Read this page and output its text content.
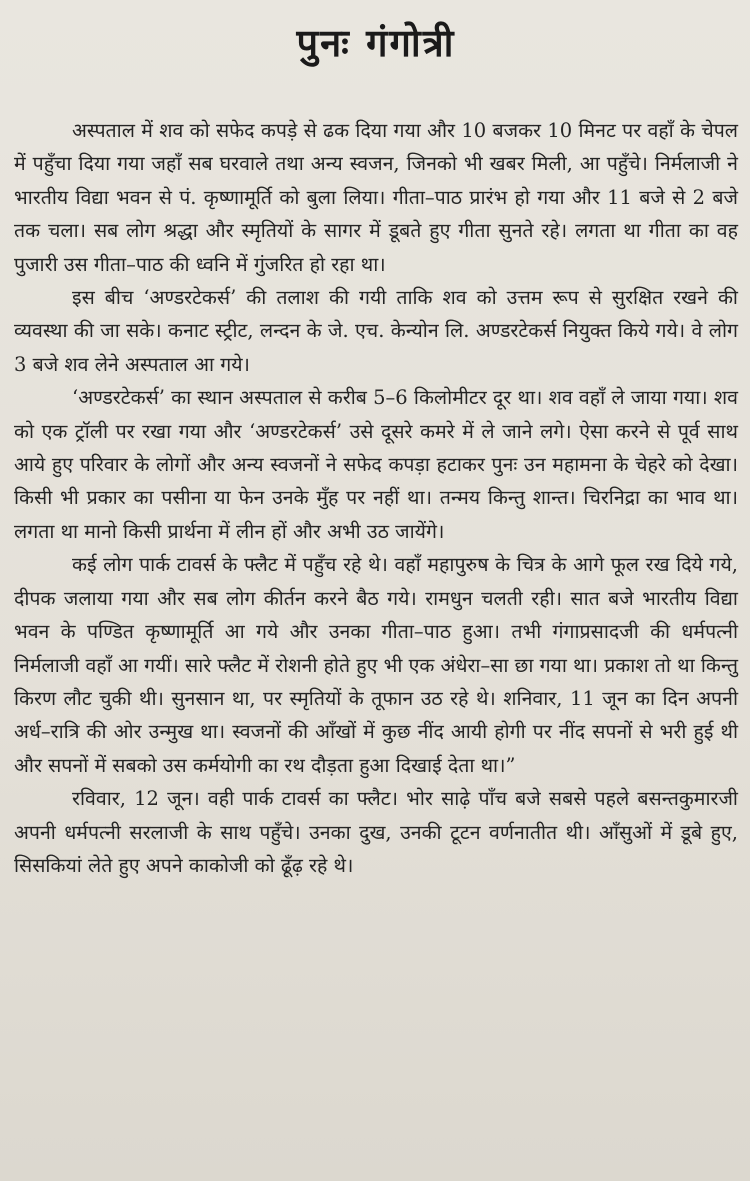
पुनः गंगोत्री

अस्पताल में शव को सफेद कपड़े से ढक दिया गया और 10 बजकर 10 मिनट पर वहाँ के चेपल में पहुँचा दिया गया जहाँ सब घरवाले तथा अन्य स्वजन, जिनको भी खबर मिली, आ पहुँचे। निर्मलाजी ने भारतीय विद्या भवन से पं. कृष्णामूर्ति को बुला लिया। गीता–पाठ प्रारंभ हो गया और 11 बजे से 2 बजे तक चला। सब लोग श्रद्धा और स्मृतियों के सागर में डूबते हुए गीता सुनते रहे। लगता था गीता का वह पुजारी उस गीता–पाठ की ध्वनि में गुंजरित हो रहा था।

इस बीच ‘अण्डरटेकर्स’ की तलाश की गयी ताकि शव को उत्तम रूप से सुरक्षित रखने की व्यवस्था की जा सके। कनाट स्ट्रीट, लन्दन के जे. एच. केन्योन लि. अण्डरटेकर्स नियुक्त किये गये। वे लोग 3 बजे शव लेने अस्पताल आ गये।

‘अण्डरटेकर्स’ का स्थान अस्पताल से करीब 5–6 किलोमीटर दूर था। शव वहाँ ले जाया गया। शव को एक ट्रॉली पर रखा गया और ‘अण्डरटेकर्स’ उसे दूसरे कमरे में ले जाने लगे। ऐसा करने से पूर्व साथ आये हुए परिवार के लोगों और अन्य स्वजनों ने सफेद कपड़ा हटाकर पुनः उन महामना के चेहरे को देखा। किसी भी प्रकार का पसीना या फेन उनके मुँह पर नहीं था। तन्मय किन्तु शान्त। चिरनिद्रा का भाव था। लगता था मानो किसी प्रार्थना में लीन हों और अभी उठ जायेंगे।

कई लोग पार्क टावर्स के फ्लैट में पहुँच रहे थे। वहाँ महापुरुष के चित्र के आगे फूल रख दिये गये, दीपक जलाया गया और सब लोग कीर्तन करने बैठ गये। रामधुन चलती रही। सात बजे भारतीय विद्या भवन के पण्डित कृष्णामूर्ति आ गये और उनका गीता–पाठ हुआ। तभी गंगाप्रसादजी की धर्मपत्नी निर्मलाजी वहाँ आ गयीं। सारे फ्लैट में रोशनी होते हुए भी एक अंधेरा–सा छा गया था। प्रकाश तो था किन्तु किरण लौट चुकी थी। सुनसान था, पर स्मृतियों के तूफान उठ रहे थे। शनिवार, 11 जून का दिन अपनी अर्ध–रात्रि की ओर उन्मुख था। स्वजनों की आँखों में कुछ नींद आयी होगी पर नींद सपनों से भरी हुई थी और सपनों में सबको उस कर्मयोगी का रथ दौड़ता हुआ दिखाई देता था।”

रविवार, 12 जून। वही पार्क टावर्स का फ्लैट। भोर साढ़े पाँच बजे सबसे पहले बसन्तकुमारजी अपनी धर्मपत्नी सरलाजी के साथ पहुँचे। उनका दुख, उनकी टूटन वर्णनातीत थी। आँसुओं में डूबे हुए, सिसकियां लेते हुए अपने काकोजी को ढूँढ़ रहे थे।
